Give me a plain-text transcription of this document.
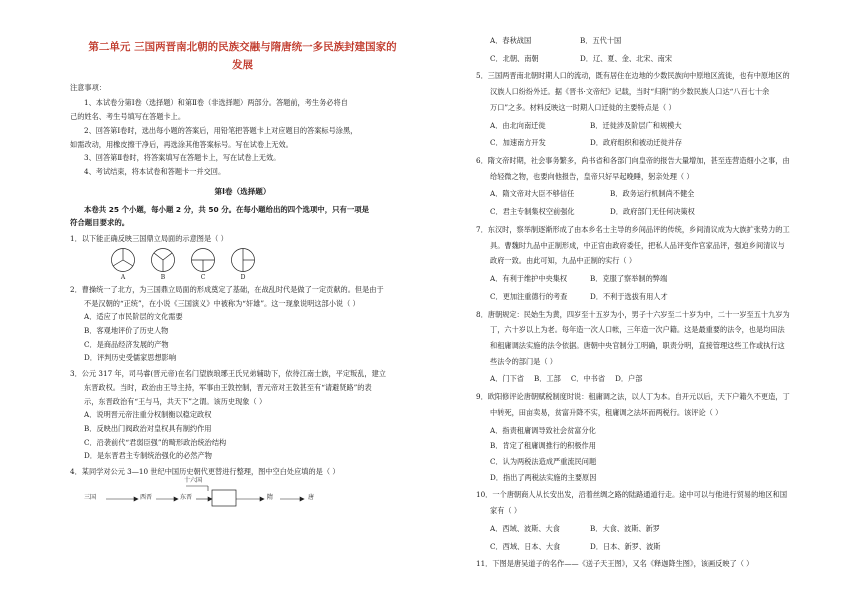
第二单元 三国两晋南北朝的民族交融与隋唐统一多民族封建国家的
发展

注意事项：

1、本试卷分第Ⅰ卷（选择题）和第Ⅱ卷（非选择题）两部分。答题前，考生务必将自

己的姓名、考生号填写在答题卡上。

2、回答第Ⅰ卷时，选出每小题的答案后，用铅笔把答题卡上对应题目的答案标号涂黑，

如需改动，用橡皮擦干净后，再选涂其他答案标号。写在试卷上无效。

3、回答第Ⅱ卷时，将答案填写在答题卡上，写在试卷上无效。

4、考试结束，将本试卷和答题卡一并交回。

第Ⅰ卷（选择题）

本卷共 25 个小题，每小题 2 分，共 50 分。在每小题给出的四个选项中，只有一项是

符合题目要求的。

1．以下能正确反映三国鼎立局面的示意图是（ ）

A	B	C	D

2．曹操统一了北方，为三国鼎立局面的形成奠定了基础，在战乱时代是做了一定贡献的。但是由于

不是汉朝的“正统”，在小说《三国演义》中被称为“奸雄”。这一现象说明这部小说（ ）

A．适应了市民阶层的文化需要

B．客观地评价了历史人物

C．是商品经济发展的产物

D．评判历史受儒家思想影响

3．公元 317 年，司马睿(晋元帝)在名门望族琅琊王氏兄弟辅助下，依待江南士族，平定叛乱，建立

东晋政权。当时，政治由王导主持，军事由王敦控制，晋元帝对王敦甚至有“请避贤路”的表

示，东晋政治有“王与马，共天下”之谓。该历史现象（ ）

A．说明晋元帝注重分权制衡以稳定政权

B．反映出门阀政治对皇权具有制约作用

C．沿袭前代“君弱臣强”的畸形政治统治结构

D．是东晋君主专制统治强化的必然产物

4．某同学对公元 3—10 世纪中国历史朝代更替进行整理，图中空白处应填的是（ ）

十六国
三国	西晋	东晋	隋	唐
A．春秋战国	B．五代十国
C．北朝、南朝	D．辽、夏、金、北宋、南宋

5．三国两晋南北朝时期人口的流动，既有居住在边地的少数民族向中原地区流徙，也有中原地区的

汉族人口纷纷外迁。据《晋书·文帝纪》记载，当时“归附”的少数民族人口达“八百七十余

万口”之多。材料反映这一时期人口迁徙的主要特点是（ ）

A．由北向南迁徙	B．迁徙涉及阶层广和规模大
C．加速南方开发	D．政府组织和被动迁徙并存

6．隋文帝时期，社会事务繁多，尚书省和各部门向皇帝的报告大量增加，甚至连营造细小之事，由

给轻微之物，也要向他报告，皇帝只好早起晚睡，躬亲处理（ ）

A．隋文帝对大臣不够信任	B．政务运行机制尚不健全
C．君主专制集权空前强化	D．政府部门无任何决策权

7．东汉时，察举制逐渐形成了由本乡名士主导的乡间品评的传统，乡间清议成为大族扩张势力的工

具。曹魏时九品中正制形成，中正官由政府委任，把私人品评变作官家品评，强迫乡间清议与

政府一致。由此可知，九品中正制的实行（ ）

A．有利于维护中央集权	B．克服了察举制的弊端
C．更加注重德行的考查	D．不利于选拔有用人才

8．唐朝规定：民始生为黄，四岁至十五岁为小，男子十六岁至二十岁为中，二十一岁至五十九岁为

丁，六十岁以上为老。每年造一次人口帐，三年造一次户籍。这是最重要的法令，也是均田法

和租庸调法实施的法令依据。唐朝中央官制分工明确，职责分明，直接管理这些工作或执行这

些法令的部门是（ ）

A．门下省 B．工部 C．中书省 D．户部

9．欧阳修评论唐朝赋税制度时说：租庸调之法，以人丁为本。自开元以后，天下户籍久不更造，丁

中转死，田亩卖易，贫富升降不实，租庸调之法坏而两税行。该评论（ ）

A．指责租庸调导致社会贫富分化

B．肯定了租庸调推行的积极作用

C．认为两税法造成严重流民问题

D．指出了两税法实施的主要原因

10．一个唐朝商人从长安出发，沿着丝绸之路的陆路通道行走。途中可以与他进行贸易的地区和国

家有（ ）

A．西域、波斯、大食	B．大食、波斯、新罗
C．西域、日本、大食	D．日本、新罗、波斯

11．下图是唐吴道子的名作——《送子天王图》，又名《释迦降生图》，该画反映了（ ）
